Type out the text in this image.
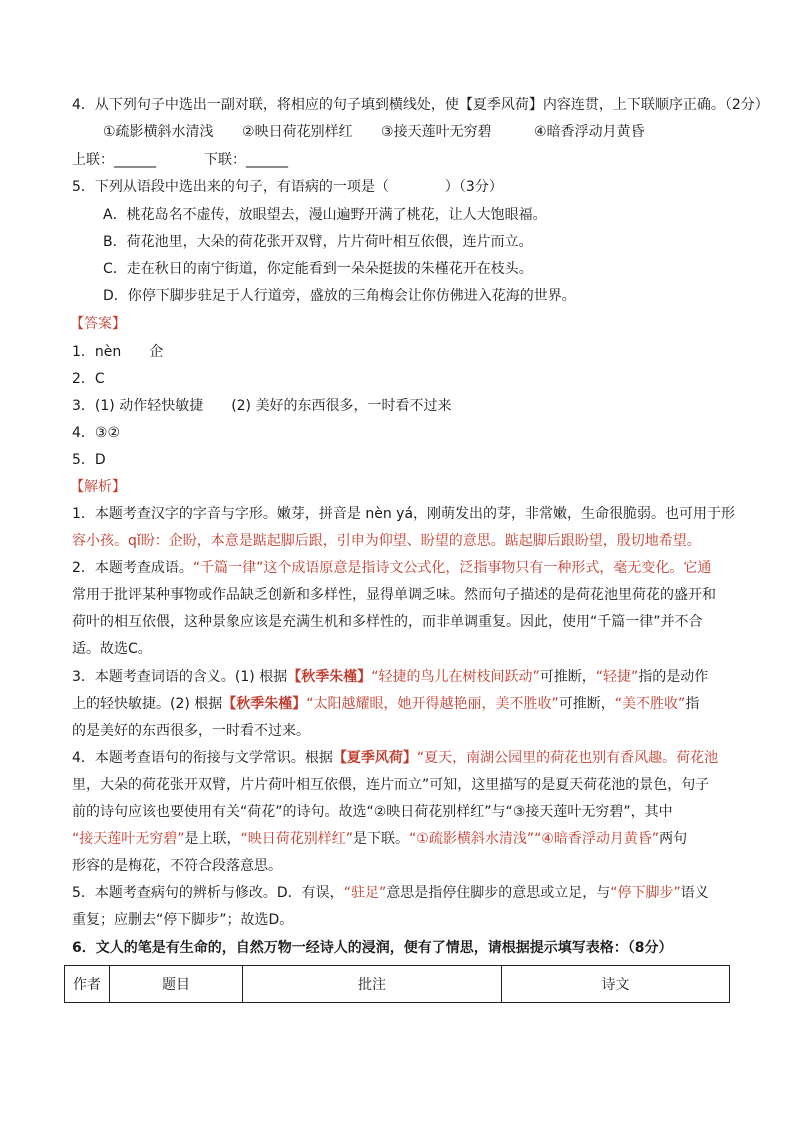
4．从下列句子中选出一副对联，将相应的句子填到横线处，使【夏季风荷】内容连贯，上下联顺序正确。（2分）
①疏影横斜水清浅 ②映日荷花别样红 ③接天莲叶无穷碧	④暗香浮动月黄昏
上联：______	下联：______
5．下列从语段中选出来的句子，有语病的一项是（　　　　）（3分）
A．桃花岛名不虚传，放眼望去，漫山遍野开满了桃花，让人大饱眼福。
B．荷花池里，大朵的荷花张开双臂，片片荷叶相互依偎，连片而立。
C．走在秋日的南宁街道，你定能看到一朵朵挺拔的朱槿花开在枝头。
D．你停下脚步驻足于人行道旁，盛放的三角梅会让你仿佛进入花海的世界。
【答案】
1．nèn　　企
2．C
3．(1) 动作轻快敏捷　　(2) 美好的东西很多，一时看不过来
4．③②
5．D
【解析】
1．本题考查汉字的字音与字形。嫩芽，拼音是 nèn yá，刚萌发出的芽，非常嫩，生命很脆弱。也可用于形
容小孩。qǐ盼：企盼，本意是踮起脚后跟，引申为仰望、盼望的意思。踮起脚后跟盼望，殷切地希望。
2．本题考查成语。“千篇一律”这个成语原意是指诗文公式化，泛指事物只有一种形式，毫无变化。它通
常用于批评某种事物或作品缺乏创新和多样性，显得单调乏味。然而句子描述的是荷花池里荷花的盛开和
荷叶的相互依偎，这种景象应该是充满生机和多样性的，而非单调重复。因此，使用“千篇一律”并不合
适。故选C。
3．本题考查词语的含义。(1) 根据【秋季朱槿】“轻捷的鸟儿在树枝间跃动”可推断，“轻捷”指的是动作
上的轻快敏捷。(2) 根据【秋季朱槿】“太阳越耀眼，她开得越艳丽，美不胜收”可推断，“美不胜收”指
的是美好的东西很多，一时看不过来。
4．本题考查语句的衔接与文学常识。根据【夏季风荷】“夏天，南湖公园里的荷花也别有香风趣。荷花池
里，大朵的荷花张开双臂，片片荷叶相互依偎，连片而立”可知，这里描写的是夏天荷花池的景色，句子
前的诗句应该也要使用有关“荷花”的诗句。故选“②映日荷花别样红”与“③接天莲叶无穷碧”，其中
“接天莲叶无穷碧”是上联，“映日荷花别样红”是下联。“①疏影横斜水清浅”“④暗香浮动月黄昏”两句
形容的是梅花，不符合段落意思。
5．本题考查病句的辨析与修改。D．有误，“驻足”意思是指停住脚步的意思或立足，与“停下脚步”语义
重复；应删去“停下脚步”；故选D。
6．文人的笔是有生命的，自然万物一经诗人的浸润，便有了情思，请根据提示填写表格：（8分）
作者	题目	批注	诗文
